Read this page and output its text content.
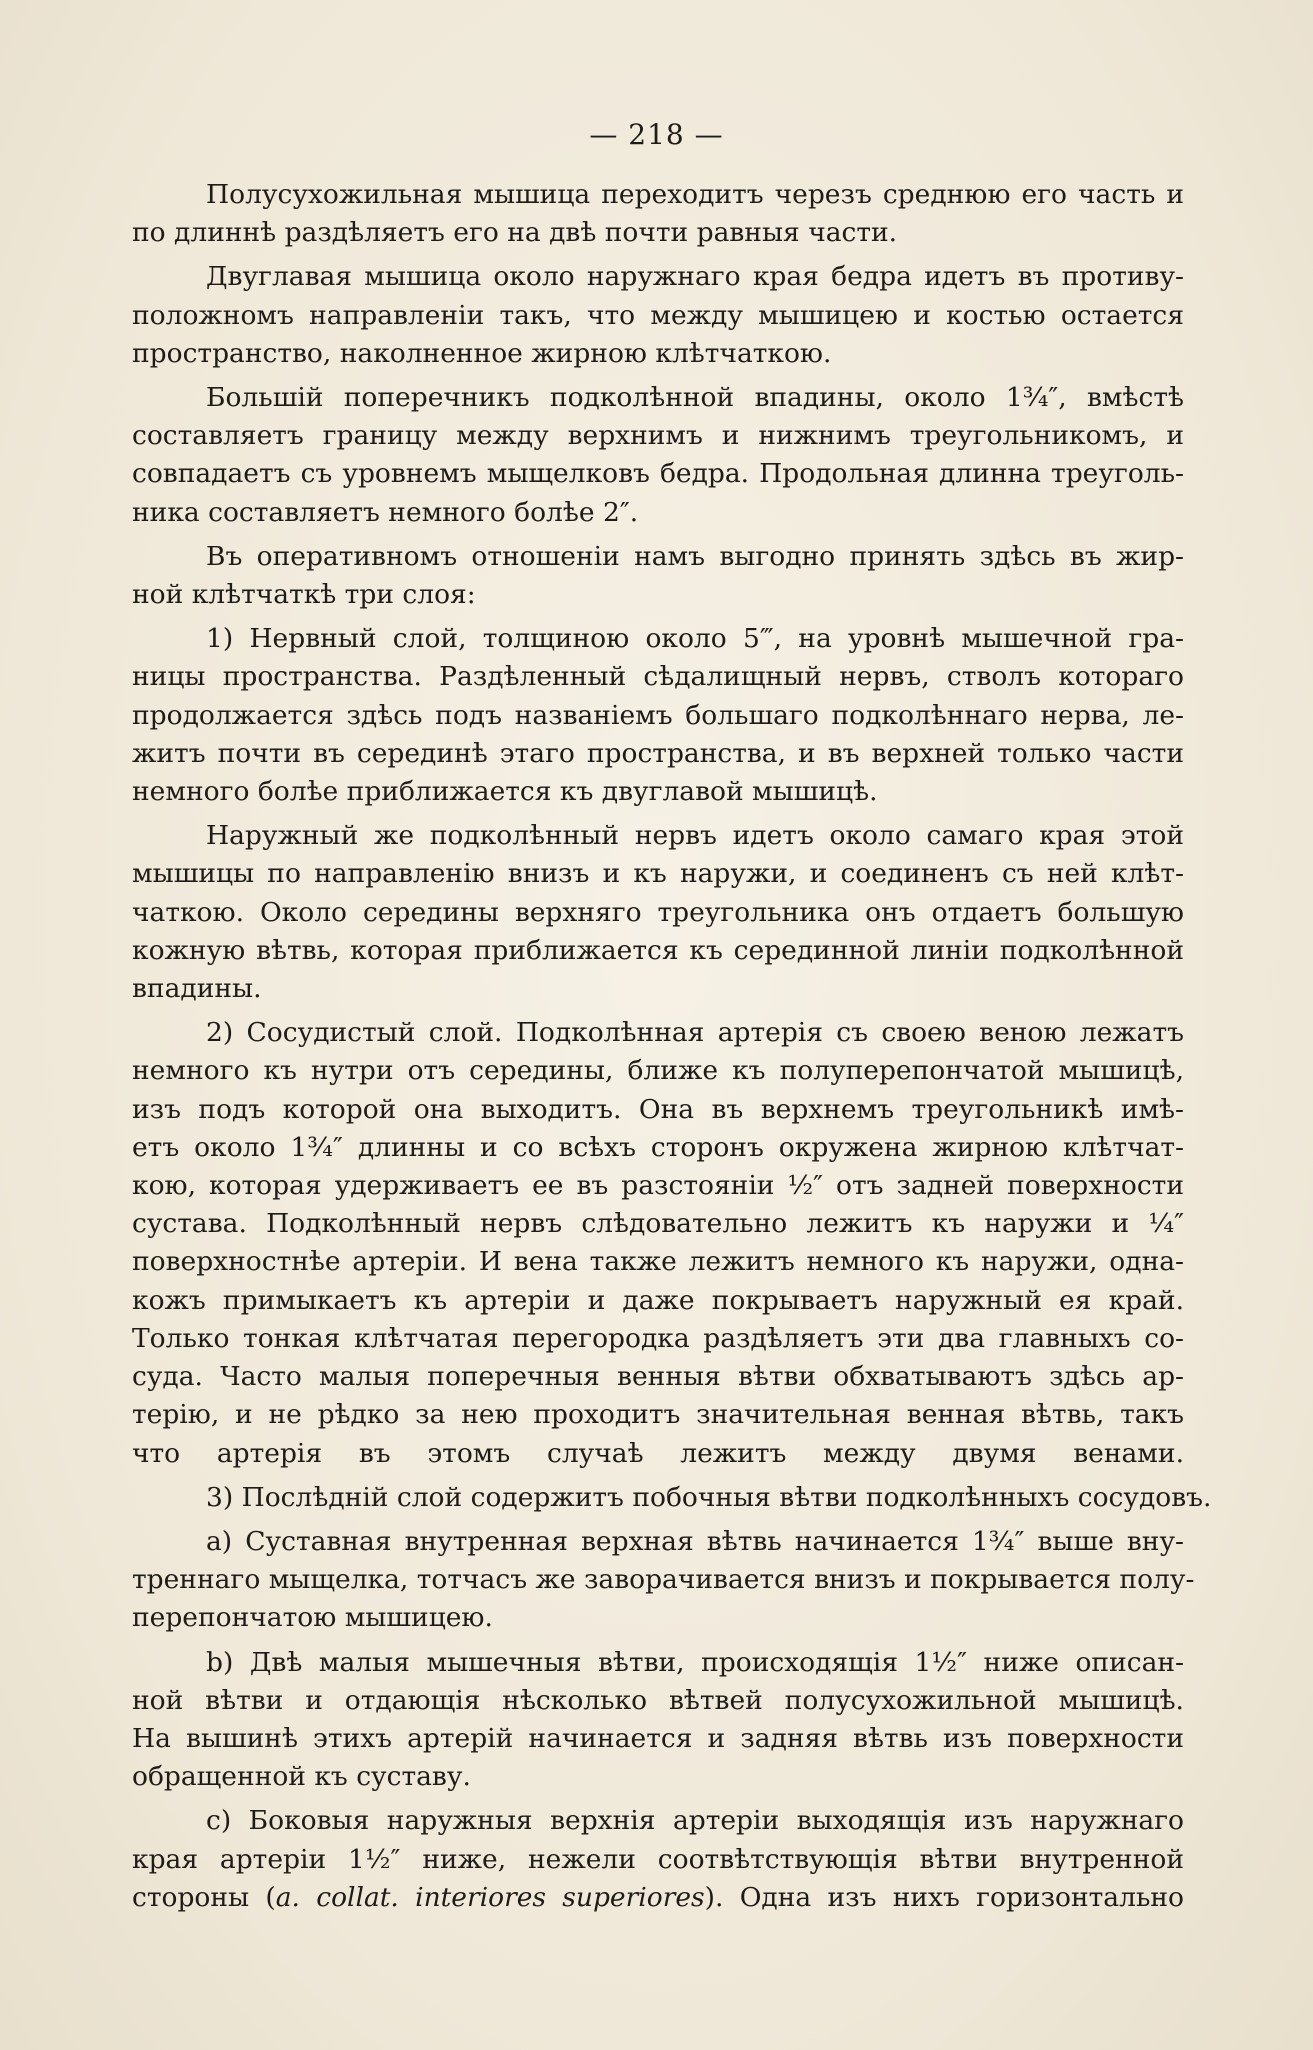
— 218 —

Полусухожильная мышица переходитъ черезъ среднюю его часть и
по длиннѣ раздѣляетъ его на двѣ почти равныя части.

Двуглавая мышица около наружнаго края бедра идетъ въ противу-
положномъ направленіи такъ, что между мышицею и костью остается
пространство, наколненное жирною клѣтчаткою.

Большій поперечникъ подколѣнной впадины, около 1¾″, вмѣстѣ
составляетъ границу между верхнимъ и нижнимъ треугольникомъ, и
совпадаетъ съ уровнемъ мыщелковъ бедра. Продольная длинна треуголь-
ника составляетъ немного болѣе 2″.

Въ оперативномъ отношеніи намъ выгодно принять здѣсь въ жир-
ной клѣтчаткѣ три слоя:

1) Нервный слой, толщиною около 5‴, на уровнѣ мышечной гра-
ницы пространства. Раздѣленный сѣдалищный нервъ, стволъ котораго
продолжается здѣсь подъ названіемъ большаго подколѣннаго нерва, ле-
житъ почти въ серединѣ этаго пространства, и въ верхней только части
немного болѣе приближается къ двуглавой мышицѣ.

Наружный же подколѣнный нервъ идетъ около самаго края этой
мышицы по направленію внизъ и къ наружи, и соединенъ съ ней клѣт-
чаткою. Около середины верхняго треугольника онъ отдаетъ большую
кожную вѣтвь, которая приближается къ серединной линіи подколѣнной
впадины.

2) Сосудистый слой. Подколѣнная артерія съ своею веною лежатъ
немного къ нутри отъ середины, ближе къ полуперепончатой мышицѣ,
изъ подъ которой она выходитъ. Она въ верхнемъ треугольникѣ имѣ-
етъ около 1¾″ длинны и со всѣхъ сторонъ окружена жирною клѣтчат-
кою, которая удерживаетъ ее въ разстояніи ½″ отъ задней поверхности
сустава. Подколѣнный нервъ слѣдовательно лежитъ къ наружи и ¼″
поверхностнѣе артеріи. И вена также лежитъ немного къ наружи, одна-
кожъ примыкаетъ къ артеріи и даже покрываетъ наружный ея край.
Только тонкая клѣтчатая перегородка раздѣляетъ эти два главныхъ со-
суда. Часто малыя поперечныя венныя вѣтви обхватываютъ здѣсь ар-
терію, и не рѣдко за нею проходитъ значительная венная вѣтвь, такъ
что артерія въ этомъ случаѣ лежитъ между двумя венами.

3) Послѣдній слой содержитъ побочныя вѣтви подколѣнныхъ сосудовъ.

a) Суставная внутренная верхная вѣтвь начинается 1¾″ выше вну-
треннаго мыщелка, тотчасъ же заворачивается внизъ и покрывается полу-
перепончатою мышицею.

b) Двѣ малыя мышечныя вѣтви, происходящія 1½″ ниже описан-
ной вѣтви и отдающія нѣсколько вѣтвей полусухожильной мышицѣ.
На вышинѣ этихъ артерій начинается и задняя вѣтвь изъ поверхности
обращенной къ суставу.

c) Боковыя наружныя верхнія артеріи выходящія изъ наружнаго
края артеріи 1½″ ниже, нежели соотвѣтствующія вѣтви внутренной
стороны (a. collat. interiores superiores). Одна изъ нихъ горизонтально
